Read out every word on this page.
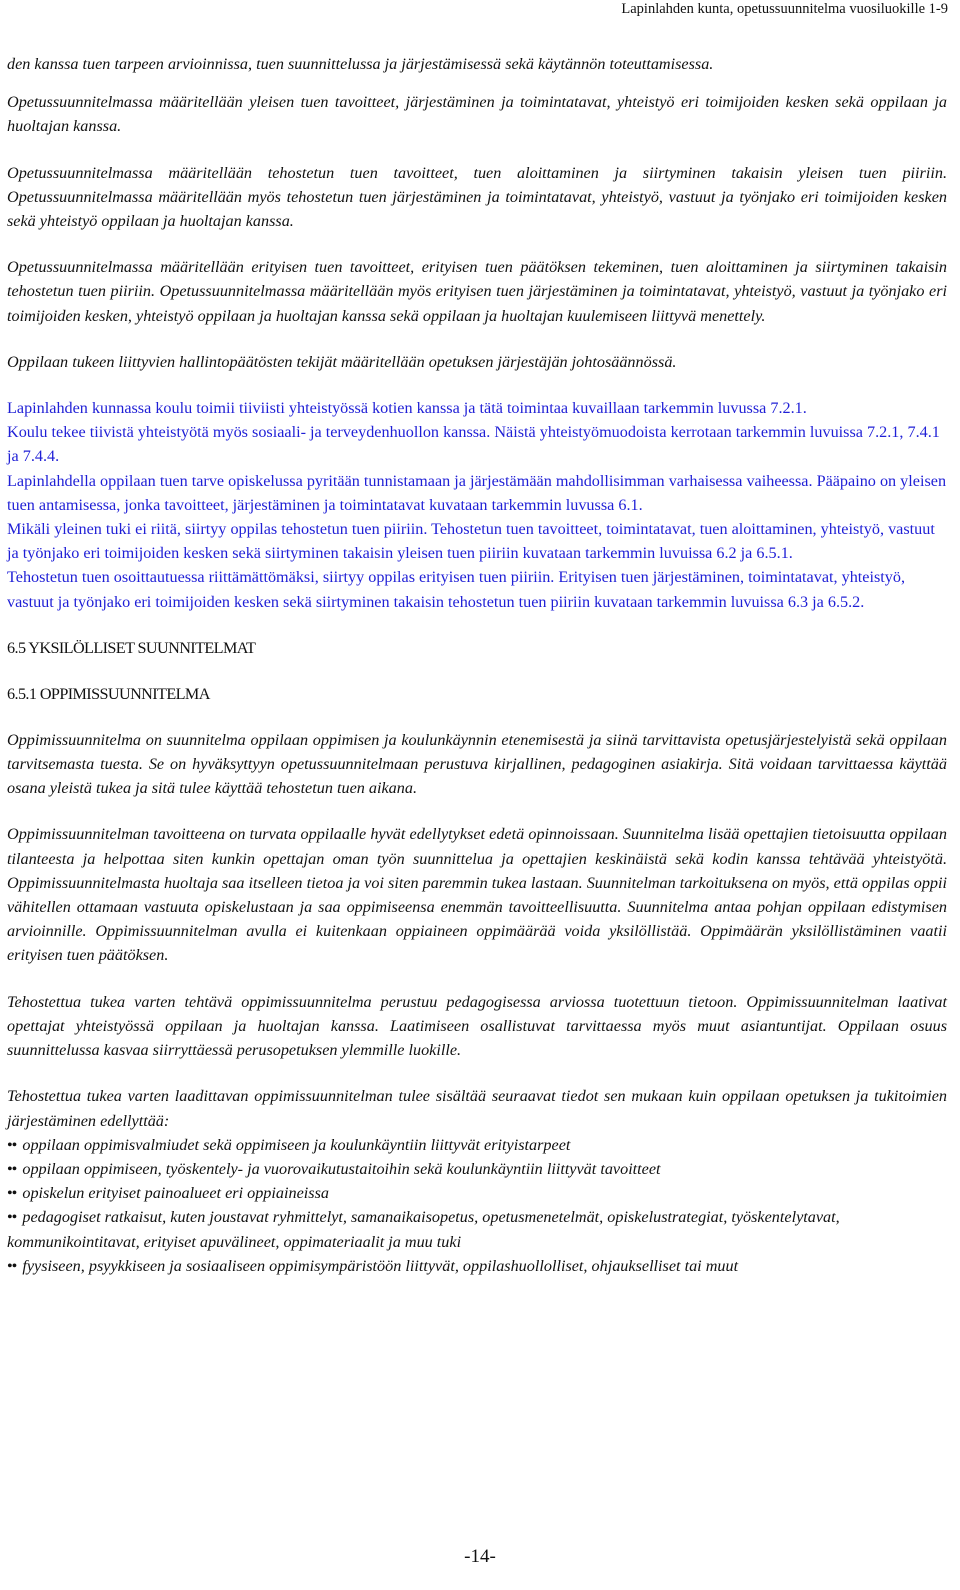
Lapinlahden kunta, opetussuunnitelma vuosiluokille 1-9

den kanssa tuen tarpeen arvioinnissa, tuen suunnittelussa ja järjestämisessä sekä käytännön toteuttamisessa.

Opetussuunnitelmassa määritellään yleisen tuen tavoitteet, järjestäminen ja toimintatavat, yhteistyö eri toimijoiden kesken sekä oppilaan ja huoltajan kanssa.

Opetussuunnitelmassa määritellään tehostetun tuen tavoitteet, tuen aloittaminen ja siirtyminen takaisin yleisen tuen piiriin. Opetussuunnitelmassa määritellään myös tehostetun tuen järjestäminen ja toimintatavat, yhteistyö, vastuut ja työnjako eri toimijoiden kesken sekä yhteistyö oppilaan ja huoltajan kanssa.

Opetussuunnitelmassa määritellään erityisen tuen tavoitteet, erityisen tuen päätöksen tekeminen, tuen aloittaminen ja siirtyminen takaisin tehostetun tuen piiriin. Opetussuunnitelmassa määritellään myös erityisen tuen järjestäminen ja toimintatavat, yhteistyö, vastuut ja työnjako eri toimijoiden kesken, yhteistyö oppilaan ja huoltajan kanssa sekä oppilaan ja huoltajan kuulemiseen liittyvä menettely.

Oppilaan tukeen liittyvien hallintopäätösten tekijät määritellään opetuksen järjestäjän johtosäännössä.

Lapinlahden kunnassa koulu toimii tiiviisti yhteistyössä kotien kanssa ja tätä toimintaa kuvaillaan tarkemmin luvussa 7.2.1.

Koulu tekee tiivistä yhteistyötä myös sosiaali- ja terveydenhuollon kanssa. Näistä yhteistyömuodoista kerrotaan tarkemmin luvuissa 7.2.1, 7.4.1 ja 7.4.4.

Lapinlahdella oppilaan tuen tarve opiskelussa pyritään tunnistamaan ja järjestämään mahdollisimman varhaisessa vaiheessa. Pääpaino on yleisen tuen antamisessa, jonka tavoitteet, järjestäminen ja toimintatavat kuvataan tarkemmin luvussa 6.1.

Mikäli yleinen tuki ei riitä, siirtyy oppilas tehostetun tuen piiriin. Tehostetun tuen tavoitteet, toimintatavat, tuen aloittaminen, yhteistyö, vastuut ja työnjako eri toimijoiden kesken sekä siirtyminen takaisin yleisen tuen piiriin kuvataan tarkemmin luvuissa 6.2 ja 6.5.1.

Tehostetun tuen osoittautuessa riittämättömäksi, siirtyy oppilas erityisen tuen piiriin. Erityisen tuen järjestäminen, toimintatavat, yhteistyö, vastuut ja työnjako eri toimijoiden kesken sekä siirtyminen takaisin tehostetun tuen piiriin kuvataan tarkemmin luvuissa 6.3 ja 6.5.2.

6.5 YKSILÖLLISET SUUNNITELMAT

6.5.1 OPPIMISSUUNNITELMA

Oppimissuunnitelma on suunnitelma oppilaan oppimisen ja koulunkäynnin etenemisestä ja siinä tarvittavista opetusjärjestelyistä sekä oppilaan tarvitsemasta tuesta. Se on hyväksyttyyn opetussuunnitelmaan perustuva kirjallinen, pedagoginen asiakirja. Sitä voidaan tarvittaessa käyttää osana yleistä tukea ja sitä tulee käyttää tehostetun tuen aikana.

Oppimissuunnitelman tavoitteena on turvata oppilaalle hyvät edellytykset edetä opinnoissaan. Suunnitelma lisää opettajien tietoisuutta oppilaan tilanteesta ja helpottaa siten kunkin opettajan oman työn suunnittelua ja opettajien keskinäistä sekä kodin kanssa tehtävää yhteistyötä. Oppimissuunnitelmasta huoltaja saa itselleen tietoa ja voi siten paremmin tukea lastaan. Suunnitelman tarkoituksena on myös, että oppilas oppii vähitellen ottamaan vastuuta opiskelustaan ja saa oppimiseensa enemmän tavoitteellisuutta. Suunnitelma antaa pohjan oppilaan edistymisen arvioinnille. Oppimissuunnitelman avulla ei kuitenkaan oppiaineen oppimäärää voida yksilöllistää. Oppimäärän yksilöllistäminen vaatii erityisen tuen päätöksen.

Tehostettua tukea varten tehtävä oppimissuunnitelma perustuu pedagogisessa arviossa tuotettuun tietoon. Oppimissuunnitelman laativat opettajat yhteistyössä oppilaan ja huoltajan kanssa. Laatimiseen osallistuvat tarvittaessa myös muut asiantuntijat. Oppilaan osuus suunnittelussa kasvaa siirryttäessä perusopetuksen ylemmille luokille.

Tehostettua tukea varten laadittavan oppimissuunnitelman tulee sisältää seuraavat tiedot sen mukaan kuin oppilaan opetuksen ja tukitoimien järjestäminen edellyttää:

•• oppilaan oppimisvalmiudet sekä oppimiseen ja koulunkäyntiin liittyvät erityistarpeet
•• oppilaan oppimiseen, työskentely- ja vuorovaikutustaitoihin sekä koulunkäyntiin liittyvät tavoitteet
•• opiskelun erityiset painoalueet eri oppiaineissa
•• pedagogiset ratkaisut, kuten joustavat ryhmittelyt, samanaikaisopetus, opetusmenetelmät, opiskelustrategiat, työskentelytavat, kommunikointitavat, erityiset apuvälineet, oppimateriaalit ja muu tuki
•• fyysiseen, psyykkiseen ja sosiaaliseen oppimisympäristöön liittyvät, oppilashuollolliset, ohjaukselliset tai muut
-14-
